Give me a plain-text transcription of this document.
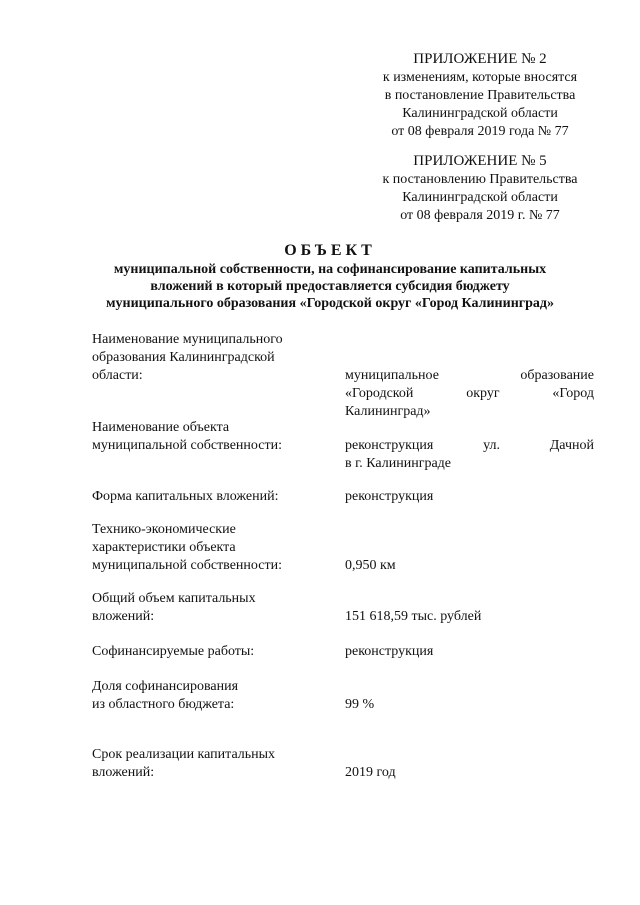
ПРИЛОЖЕНИЕ № 2
к изменениям, которые вносятся
в постановление Правительства
Калининградской области
от 08 февраля 2019 года № 77
ПРИЛОЖЕНИЕ № 5
к постановлению Правительства
Калининградской области
от 08 февраля 2019 г. № 77
ОБЪЕКТ
муниципальной собственности, на софинансирование капитальных
вложений в который предоставляется субсидия бюджету
муниципального образования «Городской округ «Город Калининград»
Наименование муниципального
образования Калининградской
области:	муниципальное образование
«Городской округ «Город
Калининград»
Наименование объекта
муниципальной собственности:	реконструкция ул. Дачной
в г. Калининграде
Форма капитальных вложений:	реконструкция
Технико-экономические
характеристики объекта
муниципальной собственности:	0,950 км
Общий объем капитальных
вложений:	151 618,59 тыс. рублей
Софинансируемые работы:	реконструкция
Доля софинансирования
из областного бюджета:	99 %
Срок реализации капитальных
вложений:	2019 год
